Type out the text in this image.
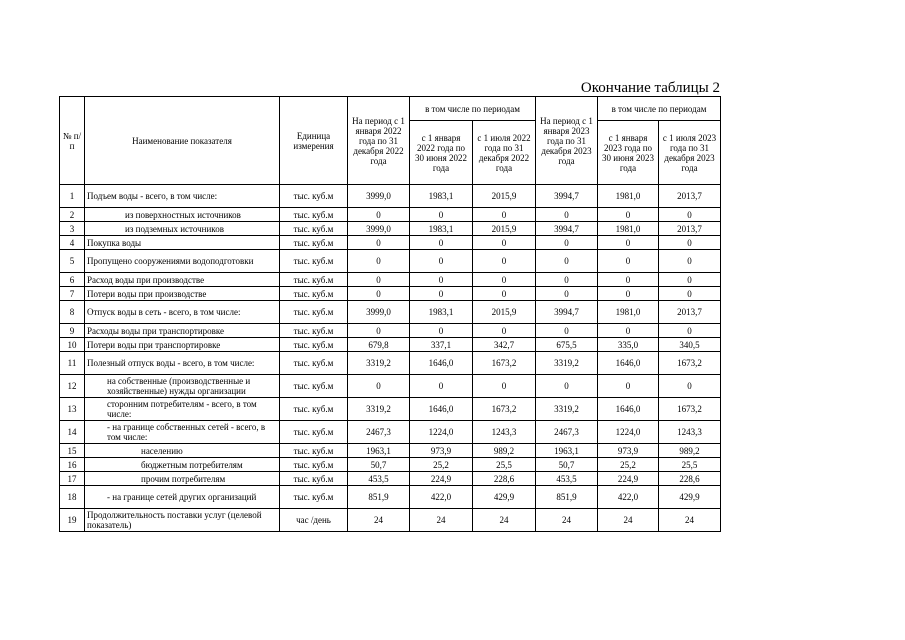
Окончание таблицы 2
№ п/п	Наименование показателя	Единица измерения	На период с 1 января 2022 года по 31 декабря 2022 года	в том числе по периодам		На период с 1 января 2023 года по 31 декабря 2023 года	в том числе по периодам	
				с 1 января 2022 года по 30 июня 2022 года	с 1 июля 2022 года по 31 декабря 2022 года		с 1 января 2023 года по 30 июня 2023 года	с 1 июля 2023 года по 31 декабря 2023 года
1	Подъем воды - всего, в том числе:	тыс. куб.м	3999,0	1983,1	2015,9	3994,7	1981,0	2013,7
2	из поверхностных источников	тыс. куб.м	0	0	0	0	0	0
3	из подземных источников	тыс. куб.м	3999,0	1983,1	2015,9	3994,7	1981,0	2013,7
4	Покупка воды	тыс. куб.м	0	0	0	0	0	0
5	Пропущено сооружениями водоподготовки	тыс. куб.м	0	0	0	0	0	0
6	Расход воды при производстве	тыс. куб.м	0	0	0	0	0	0
7	Потери воды при производстве	тыс. куб.м	0	0	0	0	0	0
8	Отпуск воды в сеть - всего, в том числе:	тыс. куб.м	3999,0	1983,1	2015,9	3994,7	1981,0	2013,7
9	Расходы воды при транспортировке	тыс. куб.м	0	0	0	0	0	0
10	Потери воды при транспортировке	тыс. куб.м	679,8	337,1	342,7	675,5	335,0	340,5
11	Полезный отпуск воды - всего, в том числе:	тыс. куб.м	3319,2	1646,0	1673,2	3319,2	1646,0	1673,2
12	на собственные (производственные и хозяйственные) нужды организации	тыс. куб.м	0	0	0	0	0	0
13	сторонним потребителям - всего, в том числе:	тыс. куб.м	3319,2	1646,0	1673,2	3319,2	1646,0	1673,2
14	- на границе собственных сетей - всего, в том числе:	тыс. куб.м	2467,3	1224,0	1243,3	2467,3	1224,0	1243,3
15	населению	тыс. куб.м	1963,1	973,9	989,2	1963,1	973,9	989,2
16	бюджетным потребителям	тыс. куб.м	50,7	25,2	25,5	50,7	25,2	25,5
17	прочим потребителям	тыс. куб.м	453,5	224,9	228,6	453,5	224,9	228,6
18	- на границе сетей других организаций	тыс. куб.м	851,9	422,0	429,9	851,9	422,0	429,9
19	Продолжительность поставки услуг (целевой показатель)	час /день	24	24	24	24	24	24
